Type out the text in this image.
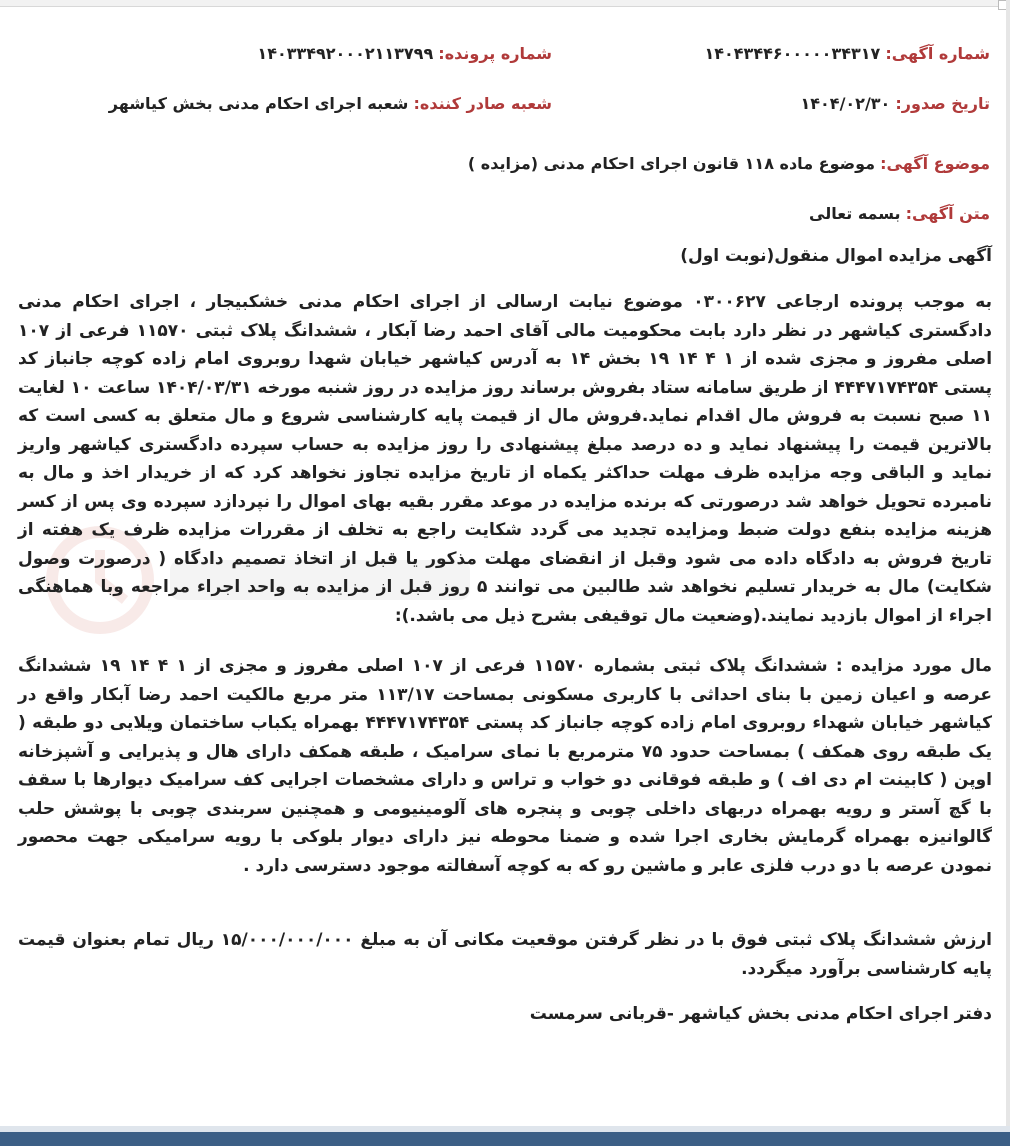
شماره آگهی: ۱۴۰۴۳۴۴۶۰۰۰۰۰۳۴۳۱۷
شماره پرونده: ۱۴۰۳۳۴۹۲۰۰۰۲۱۱۳۷۹۹
تاریخ صدور: ۱۴۰۴/۰۲/۳۰
شعبه صادر کننده: شعبه اجرای احکام مدنی بخش کیاشهر
موضوع آگهی: موضوع ماده ۱۱۸ قانون اجرای احکام مدنی (مزایده )
متن آگهی: بسمه تعالی
آگهی مزایده اموال منقول(نوبت اول)
به موجب پرونده ارجاعی ۰۳۰۰۶۲۷ موضوع نیابت ارسالی از اجرای احکام مدنی خشکبیجار ، اجرای احکام مدنی دادگستری کیاشهر در نظر دارد بابت محکومیت مالی آقای احمد رضا آبکار ، ششدانگ پلاک ثبتی ۱۱۵۷۰ فرعی از ۱۰۷ اصلی مفروز و مجزی شده از ۱ ۴ ۱۴ ۱۹ بخش ۱۴ به آدرس کیاشهر خیابان شهدا روبروی امام زاده کوچه جانباز کد پستی ۴۴۴۷۱۷۴۳۵۴ از طریق سامانه ستاد بفروش برساند روز مزایده در روز شنبه مورخه ۱۴۰۴/۰۳/۳۱ ساعت ۱۰ لغایت ۱۱ صبح نسبت به فروش مال اقدام نماید.فروش مال از قیمت پایه کارشناسی شروع و مال متعلق به کسی است که بالاترین قیمت را پیشنهاد نماید و ده درصد مبلغ پیشنهادی را روز مزایده به حساب سپرده دادگستری کیاشهر واریز نماید و الباقی وجه مزایده ظرف مهلت حداکثر یکماه از تاریخ مزایده تجاوز نخواهد کرد که از خریدار اخذ و مال به نامبرده تحویل خواهد شد درصورتی که برنده مزایده در موعد مقرر بقیه بهای اموال را نپردازد سپرده وی پس از کسر هزینه مزایده بنفع دولت ضبط ومزایده تجدید می گردد شکایت راجع به تخلف از مقررات مزایده ظرف یک هفته از تاریخ فروش به دادگاه داده می شود وقبل از انقضای مهلت مذکور یا قبل از اتخاذ تصمیم دادگاه ( درصورت وصول شکایت) مال به خریدار تسلیم نخواهد شد طالبین می توانند ۵ روز قبل از مزایده به واحد اجراء مراجعه وبا هماهنگی اجراء از اموال بازدید نمایند.(وضعیت مال توقیفی بشرح ذیل می باشد.):
مال مورد مزایده : ششدانگ پلاک ثبتی بشماره ۱۱۵۷۰ فرعی از ۱۰۷ اصلی مفروز و مجزی از ۱ ۴ ۱۴ ۱۹ ششدانگ عرصه و اعیان زمین با بنای احداثی با کاربری مسکونی بمساحت ۱۱۳/۱۷ متر مربع مالکیت احمد رضا آبکار واقع در کیاشهر خیابان شهداء روبروی امام زاده کوچه جانباز کد پستی ۴۴۴۷۱۷۴۳۵۴ بهمراه یکباب ساختمان ویلایی دو طبقه ( یک طبقه روی همکف ) بمساحت حدود ۷۵ مترمربع با نمای سرامیک ، طبقه همکف دارای هال و پذیرایی و آشپزخانه اوپن ( کابینت ام دی اف ) و طبقه فوقانی دو خواب و تراس و دارای مشخصات اجرایی کف سرامیک دیوارها با سقف با گچ آستر و رویه بهمراه دربهای داخلی چوبی و پنجره های آلومینیومی و همچنین سربندی چوبی با پوشش حلب گالوانیزه بهمراه گرمایش بخاری اجرا شده و ضمنا محوطه نیز دارای دیوار بلوکی با رویه سرامیکی جهت محصور نمودن عرصه با دو درب فلزی عابر و ماشین رو که به کوچه آسفالته موجود دسترسی دارد .
ارزش ششدانگ پلاک ثبتی فوق با در نظر گرفتن موقعیت مکانی آن به مبلغ ۱۵/۰۰۰/۰۰۰/۰۰۰ ریال تمام بعنوان قیمت پایه کارشناسی برآورد میگردد.
دفتر اجرای احکام مدنی بخش کیاشهر -قربانی سرمست
